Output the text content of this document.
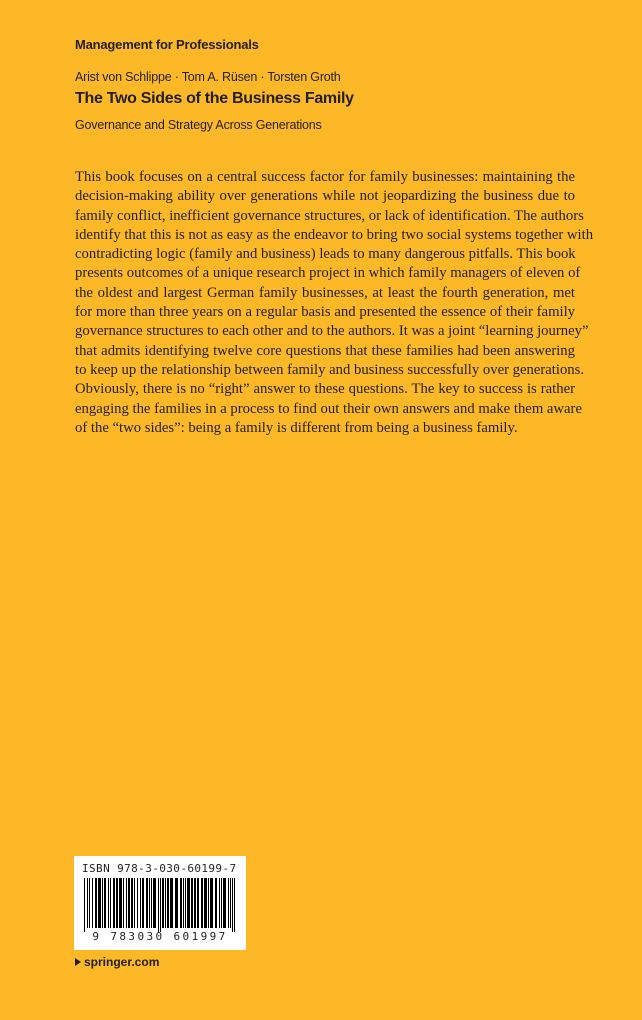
Management for Professionals
Arist von Schlippe · Tom A. Rüsen · Torsten Groth
The Two Sides of the Business Family
Governance and Strategy Across Generations
This book focuses on a central success factor for family businesses: maintaining the
decision-making ability over generations while not jeopardizing the business due to
family conflict, inefficient governance structures, or lack of identification. The authors
identify that this is not as easy as the endeavor to bring two social systems together with
contradicting logic (family and business) leads to many dangerous pitfalls. This book
presents outcomes of a unique research project in which family managers of eleven of
the oldest and largest German family businesses, at least the fourth generation, met
for more than three years on a regular basis and presented the essence of their family
governance structures to each other and to the authors. It was a joint “learning journey”
that admits identifying twelve core questions that these families had been answering
to keep up the relationship between family and business successfully over generations.
Obviously, there is no “right” answer to these questions. The key to success is rather
engaging the families in a process to find out their own answers and make them aware
of the “two sides”: being a family is different from being a business family.
ISBN 978-3-030-60199-7
9 783030 601997
springer.com
